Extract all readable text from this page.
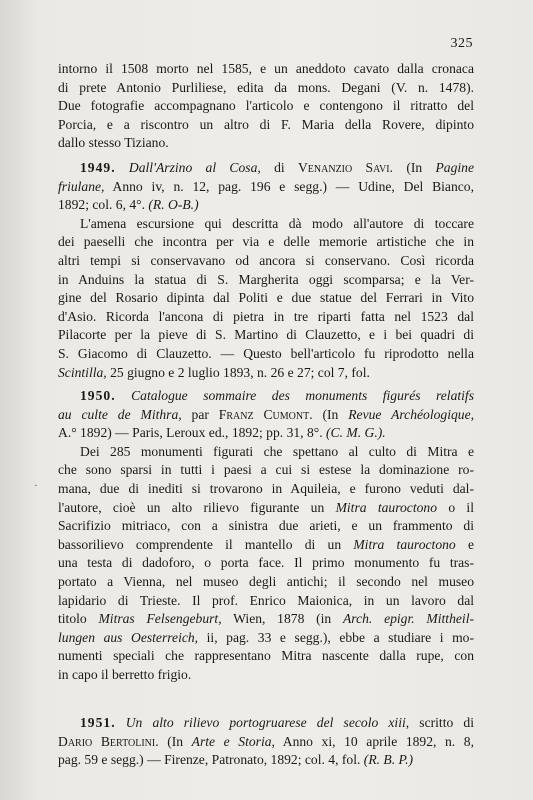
325
·
intorno il 1508 morto nel 1585, e un aneddoto cavato dalla cronaca
di prete Antonio Purliliese, edita da mons. Degani (V. n. 1478).
Due fotografie accompagnano l'articolo e contengono il ritratto del
Porcia, e a riscontro un altro di F. Maria della Rovere, dipinto
dallo stesso Tiziano.
1949. Dall'Arzino al Cosa, di Venanzio Savi. (In Pagine
friulane, Anno iv, n. 12, pag. 196 e segg.) — Udine, Del Bianco,
1892; col. 6, 4°. (R. O-B.)
L'amena escursione qui descritta dà modo all'autore di toccare
dei paeselli che incontra per via e delle memorie artistiche che in
altri tempi si conservavano od ancora si conservano. Così ricorda
in Anduins la statua di S. Margherita oggi scomparsa; e la Ver-
gine del Rosario dipinta dal Politi e due statue del Ferrari in Vito
d'Asio. Ricorda l'ancona di pietra in tre riparti fatta nel 1523 dal
Pilacorte per la pieve di S. Martino di Clauzetto, e i bei quadri di
S. Giacomo di Clauzetto. — Questo bell'articolo fu riprodotto nella
Scintilla, 25 giugno e 2 luglio 1893, n. 26 e 27; col 7, fol.
1950. Catalogue sommaire des monuments figurés relatifs
au culte de Mithra, par Franz Cumont. (In Revue Archéologique,
A.° 1892) — Paris, Leroux ed., 1892; pp. 31, 8°. (C. M. G.).
Dei 285 monumenti figurati che spettano al culto di Mitra e
che sono sparsi in tutti i paesi a cui si estese la dominazione ro-
mana, due di inediti si trovarono in Aquileia, e furono veduti dal-
l'autore, cioè un alto rilievo figurante un Mitra tauroctono o il
Sacrifizio mitriaco, con a sinistra due arieti, e un frammento di
bassorilievo comprendente il mantello di un Mitra tauroctono e
una testa di dadoforo, o porta face. Il primo monumento fu tras-
portato a Vienna, nel museo degli antichi; il secondo nel museo
lapidario di Trieste. Il prof. Enrico Maionica, in un lavoro dal
titolo Mitras Felsengeburt, Wien, 1878 (in Arch. epigr. Mittheil-
lungen aus Oesterreich, ii, pag. 33 e segg.), ebbe a studiare i mo-
numenti speciali che rappresentano Mitra nascente dalla rupe, con
in capo il berretto frigio.
1951. Un alto rilievo portogruarese del secolo xiii, scritto di
Dario Bertolini. (In Arte e Storia, Anno xi, 10 aprile 1892, n. 8,
pag. 59 e segg.) — Firenze, Patronato, 1892; col. 4, fol. (R. B. P.)
